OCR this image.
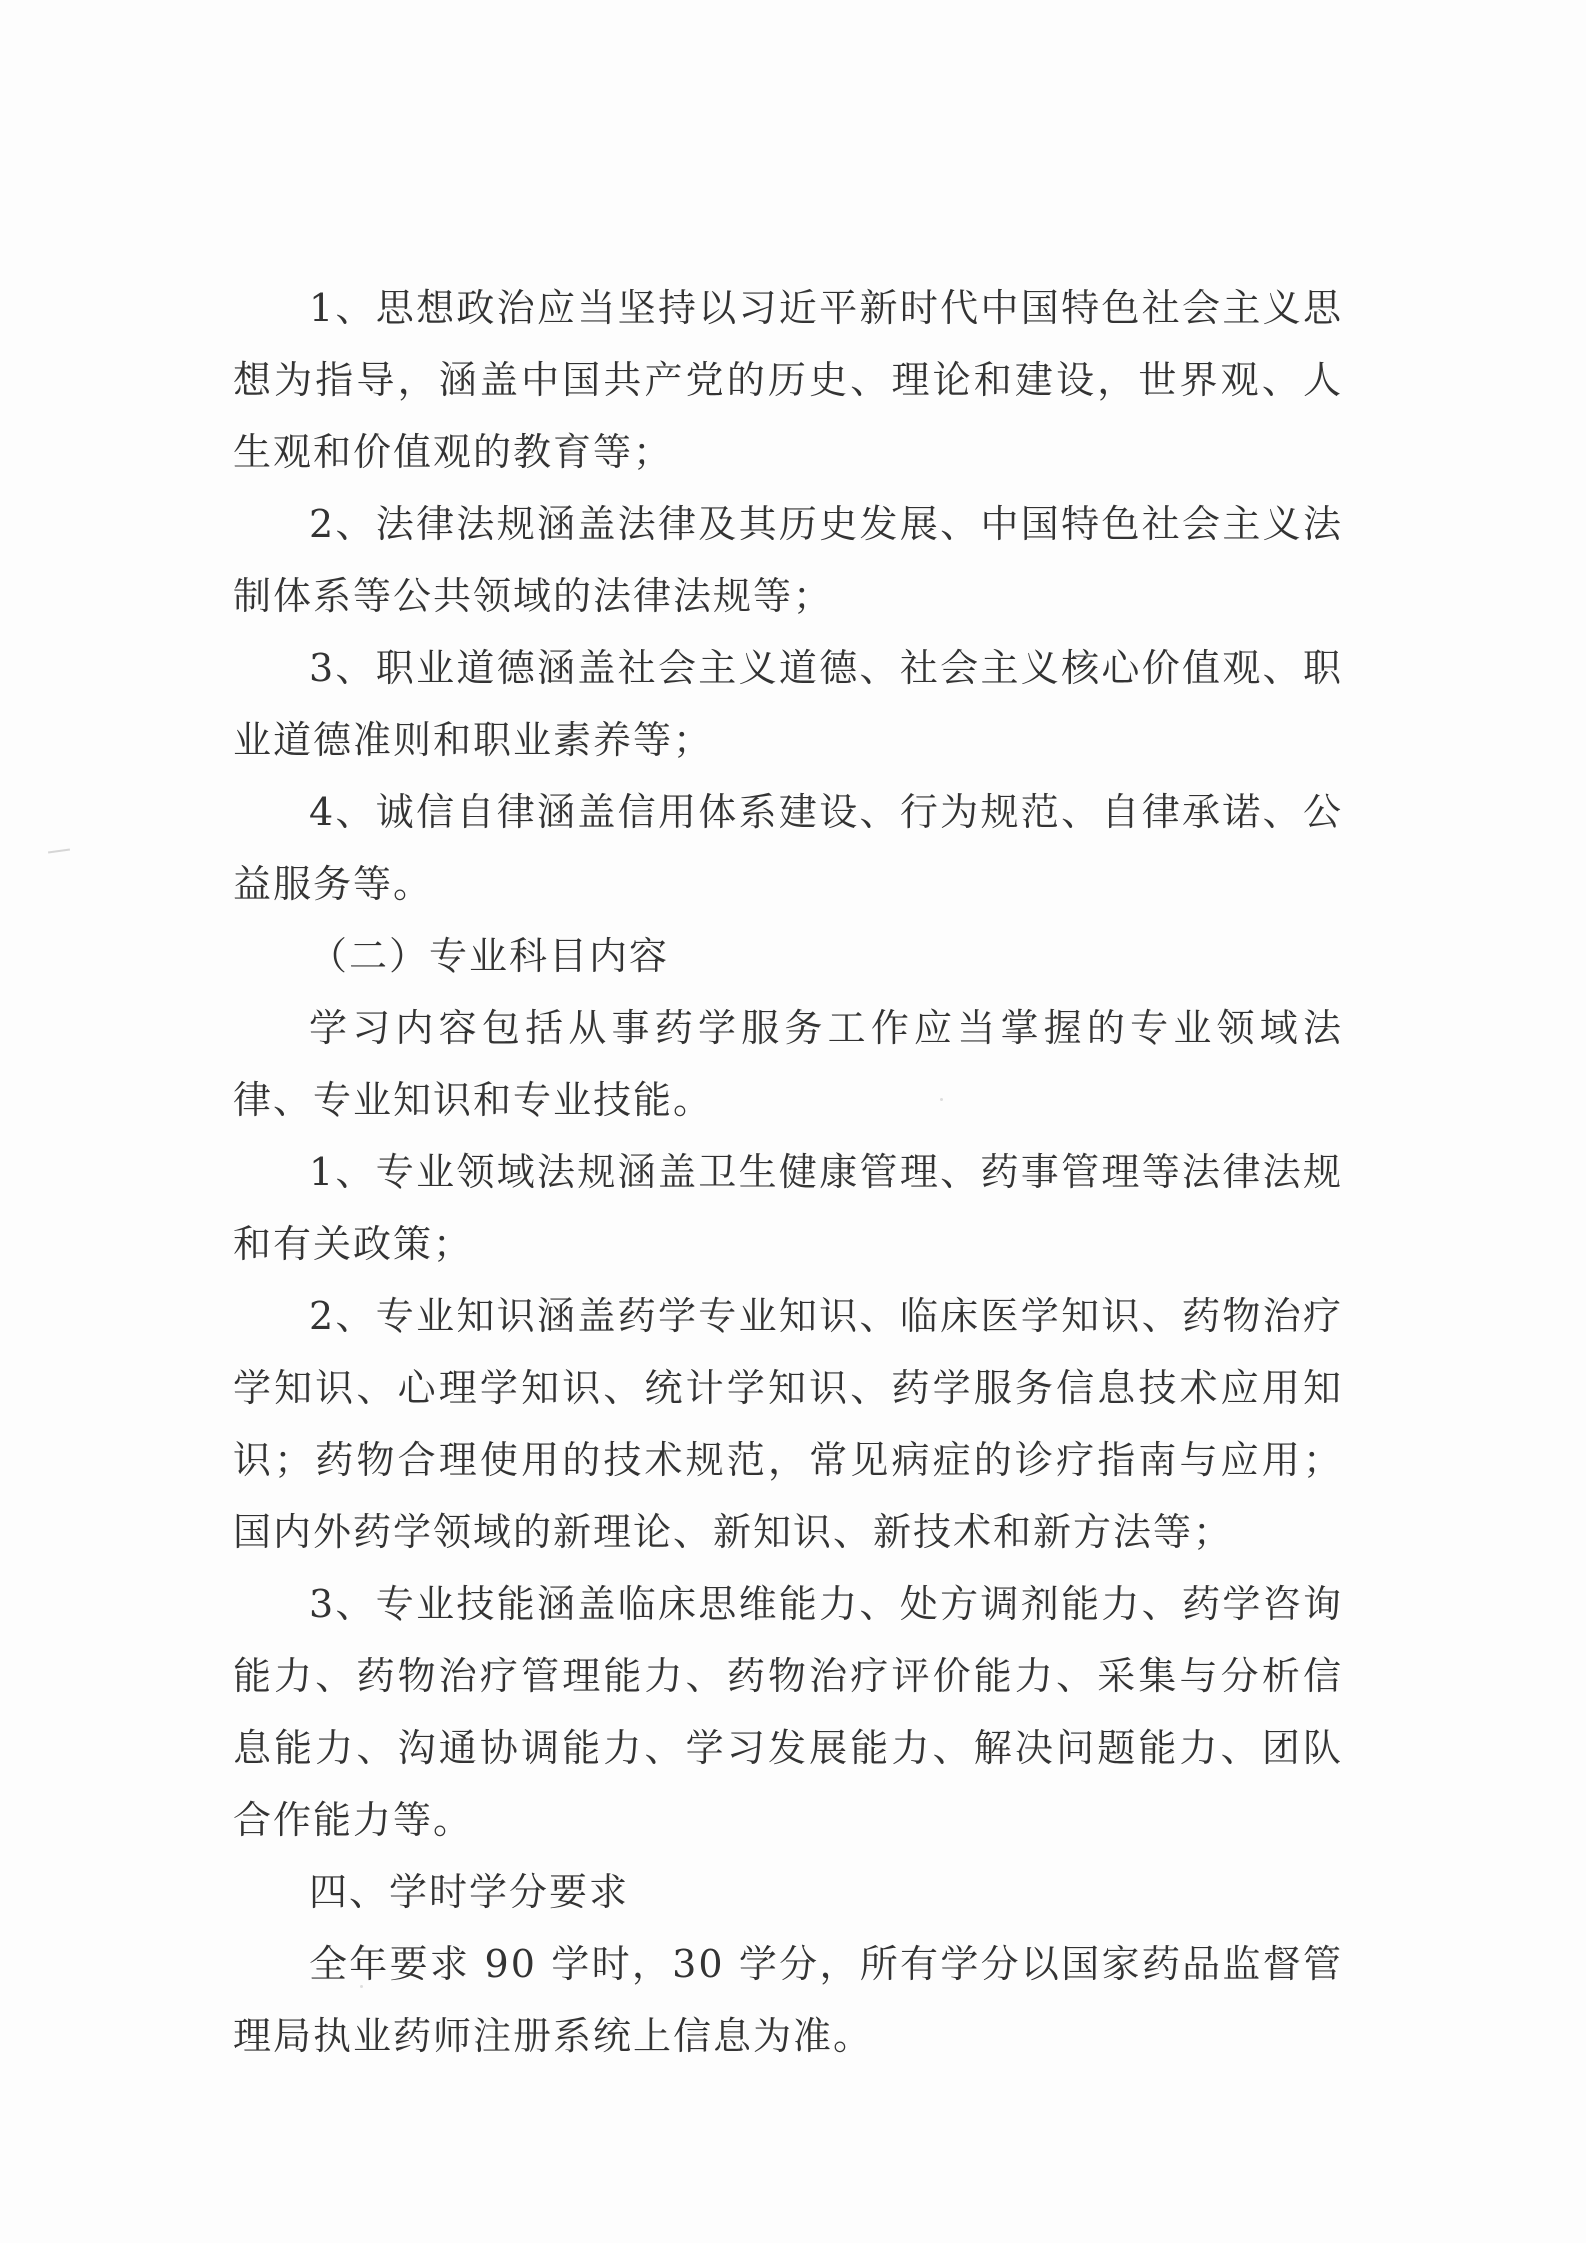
1、思想政治应当坚持以习近平新时代中国特色社会主义思想为指导，涵盖中国共产党的历史、理论和建设，世界观、人生观和价值观的教育等；

2、法律法规涵盖法律及其历史发展、中国特色社会主义法制体系等公共领域的法律法规等；

3、职业道德涵盖社会主义道德、社会主义核心价值观、职业道德准则和职业素养等；

4、诚信自律涵盖信用体系建设、行为规范、自律承诺、公益服务等。

（二）专业科目内容

学习内容包括从事药学服务工作应当掌握的专业领域法律、专业知识和专业技能。

1、专业领域法规涵盖卫生健康管理、药事管理等法律法规和有关政策；

2、专业知识涵盖药学专业知识、临床医学知识、药物治疗学知识、心理学知识、统计学知识、药学服务信息技术应用知识；药物合理使用的技术规范，常见病症的诊疗指南与应用；国内外药学领域的新理论、新知识、新技术和新方法等；

3、专业技能涵盖临床思维能力、处方调剂能力、药学咨询能力、药物治疗管理能力、药物治疗评价能力、采集与分析信息能力、沟通协调能力、学习发展能力、解决问题能力、团队合作能力等。

四、学时学分要求

全年要求 90 学时，30 学分，所有学分以国家药品监督管理局执业药师注册系统上信息为准。
